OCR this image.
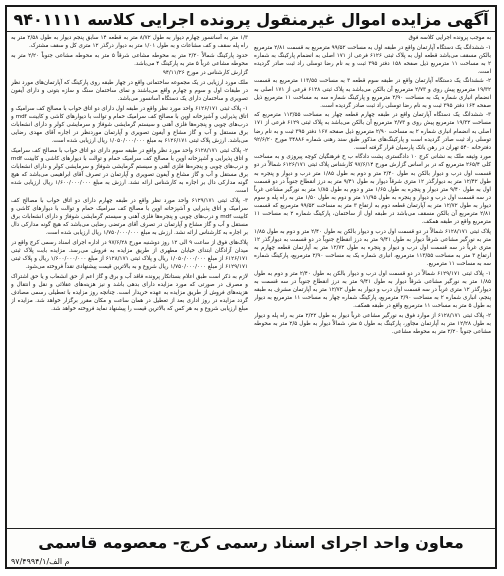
آگهی مزایده اموال غیرمنقول پرونده اجرایی کلاسه ۹۴۰۱۱۱۱

به موجب پرونده اجرایی کلاسه فوق

۱- ششدانگ یک دستگاه آپارتمان واقع در طبقه اول به مساحت ۹۹/۵۲ مترمربع به قسمت ۲/۸۱ مترمربع بالکن مسقف می‌باشد قطعه اول به پلاک ثبتی ۶۱۲۶ فرعی از ۱۷۱ اصلی به انضمام پارکینگ به شماره ۲ به مساحت ۱۱ مترمربع ذیل صفحه ۱۵۸ دفتر ۳۹۵ ثبت و به نام رضا توسلی راد ثبت صادر گردیده است.

۲- ششدانگ یک دستگاه آپارتمان واقع در طبقه سوم قطعه ۳ به مساحت ۱۱۳/۵۵ مترمربع به قسمت ۱۹/۳۲ مترمربع پیش روی و ۲/۷۳ مترمربع آن بالکن می‌باشد به پلاک ثبتی ۶۱۲۸ فرعی از ۱۷۱ اصلی به انضمام انباری شماره یک به مساحت ۲/۹۰ مترمربع و پارکینگ شماره سه به مساحت ۱۱ مترمربع ذیل صفحه ۱۶۴ دفتر ۳۹۵ ثبت و به نام رضا توسلی راد ثبت صادر گردیده است.

۳- ششدانگ یک دستگاه آپارتمان واقع در طبقه چهارم قطعه چهار به مساحت ۱۱۳/۵۵ مترمربع که مساحت ۱۹/۳۲ مترمربع پیش روی و ۲/۷۳ مترمربع آن بالکن می‌باشد به پلاک ثبتی ۶۱۲۹ فرعی از ۱۷۱ اصلی به انضمام انباری شماره ۲ به مساحت ۲/۹۰ مترمربع ذیل صفحه ۱۶۷ دفتر ۳۹۵ ثبت و به نام رضا توسلی راد ثبت صادر گردیده است و پارکینگ‌های مذکور طبق سند رهنی شماره ۳۴۸۸۶ مورخ ۹۲/۶/۲۰ دفترخانه ۵۴۰ تهران در رهن بانک پارسیان قرار گرفته است.

مورد وثیقه ملک به نشانی کرج ۱۰ دادگستری پشت دادگاه ب خ فرهنگیان کوچه پیروزی و به مساحت کلی ۲۶۵/۴ مترمربع که در بر اساس گزارش مورخ ۹۷/۶/۱۴ کارشناس پلاک ثبتی ۶۱۲۶/۱۷۱ شمالاً در دو قسمت اول درب و دیوار بالکن به طول ۲/۴۰ متر و دوم به طول ۱/۸۵ متر درب و دیوار و پنجره به طول ۱۲/۴۲ متر به دیوارگذر ۱۲ متری شرقاً دیوار به طول ۹/۴۱ متر به درز انقطاع جنوباً در دو قسمت اول به طول ۹/۴۰ متر دیوار و پنجره به طول ۱/۶۵ متر و دوم به طول ۱/۸۵ متر به نورگیر مشاعی غرباً در سه قسمت اول درب و دیوار و پنجره به طول ۱۱/۹۵ متر و دوم به طول ۱/۵۰ متر به راه پله و سوم دیوار به طول ۱۲/۷۲ متر به آپارتمان قطعه دوم به ارتفاع ۳ متر به مساحت ۹۹/۵۲ مترمربع که قسمت ۲/۸۱ مترمربع آن بالکن مسقف می‌باشد در طبقه اول از ساختمان، پارکینگ شماره ۲ به مساحت ۱۱ مترمربع واقع در طبقه همکف.

پلاک ثبتی ۶۱۲۸/۱۷۱ شمالاً در دو قسمت اول درب و دیوار بالکن به طول ۲/۴۰ متر و دوم به طول ۱/۸۵ متر به نورگیر مشاعی شرقاً دیوار به طول ۹/۴۱ متر به درز انقطاع جنوباً در دو قسمت به دیوارگذر ۱۲ متری غرباً در سه قسمت اول درب و دیوار و پنجره به طول ۱۲/۷۲ متر به آپارتمان قطعه چهارم به ارتفاع ۳ متر به مساحت ۱۱۳/۵۵ مترمربع، انباری شماره یک به مساحت ۲/۹۰ مترمربع، پارکینگ شماره سه به مساحت ۱۱ مترمربع.

۱- پلاک ثبتی ۶۱۲۹/۱۷۱ شمالاً در دو قسمت اول درب و دیوار بالکن به طول ۲/۴۰ متر و دوم به طول ۱/۸۵ متر به نورگیر مشاعی شرقاً دیوار به طول ۹/۴۱ متر به درز انقطاع جنوباً در سه قسمت به دیوارگذر ۱۲ متری غرباً در سه قسمت اول درب و دیوار به طول ۱۲/۷۲ متر به آپارتمان مشرف به طبقه پنجم، انباری شماره ۲ به مساحت ۲/۹۰ مترمربع، پارکینگ شماره چهار به مساحت ۱۱ مترمربع به دیوار به طول ۵ متر به مساحت ۱۱ مترمربع واقع در طبقه همکف.

۲- پلاک ثبتی ۶۱۲۸/۱۷۱ از موارد فوق به نورگیر مشاعی غرباً دیوار به طول ۲/۲۲ متر به راه پله و دیوار به طول ۱۲/۲۸ متر به آپارتمان مجاور، پارکینگ به طول ۵ متر، شمالاً دیوار به طول ۲/۵ متر به محوطه مشاعی جنوباً ۲/۲۰ متر به محوطه مشاعی.

۱/۳ متر به آسانسور چهارم دیوار به طول ۸/۷۲ متر به قطعه ۱۴ سابق پنجم دیوار به طول ۲/۵۸ متر به راه پله سقف و کف مشاعات و به طول ۱/۰۱ متر به دیوار درگذر ۱۲ متری کل و سقف مشترک.

حدود پارکینگ شمالاً ۲/۲۰ متر به محوطه مشاعی شرقاً ۵ متر به محوطه مشاعی جنوباً ۲/۲۰ متر به محوطه مشاعی غرباً ۵ متر به پارکینگ ۴ می‌باشد.

گزارش کارشناس در مورخ ۹۴/۱۱/۲۶

ملک مورد ارزیابی در یک مجموعه ساختمانی واقع در چهار طبقه روی پارکینگ که آپارتمان‌های مورد نظر در طبقات اول و سوم و چهارم واقع می‌باشند و نمای ساختمان سنگ و سازه بتونی و دارای آیفون تصویری و ساختمان دارای یک دستگاه آسانسور می‌باشد.

۱- پلاک ثبتی ۶۱۲۶/۱۷۱ واحد مورد نظر واقع در طبقه اول دارای دو اتاق خواب با مصالح کف سرامیک و اتاق پذیرایی و آشپزخانه اوپن با مصالح کف سرامیک حمام و توالت با دیوارهای کاشی و کابینت mdf و درب‌های چوبی و پنجره‌ها فلزی آهنی و سیستم گرمایشی شوفاژ و سرمایشی کولر و دارای انشعابات برق مستقل و آب و گاز مشاع و آیفون تصویری و آپارتمان موردنظر در اجاره آقای مهدی رضایی می‌باشد. ارزش پلاک ثبتی ۶۱۲۶/۱۷۱ به مبلغ ۱/۰۵۰/۰۰۰/۰۰۰ ریال ارزیابی شده است.

۲- پلاک ثبتی ۶۱۲۸/۱۷۱ واحد مورد نظر واقع در طبقه سوم دارای دو اتاق خواب با مصالح کف سرامیک و اتاق پذیرایی و آشپزخانه اوپن با مصالح کف سرامیک حمام و توالت با دیوارهای کاشی و کابینت mdf و درب‌های چوبی و پنجره‌ها فلزی آهنی و سیستم گرمایشی شوفاژ و سرمایشی کولر و دارای انشعابات برق مستقل و آب و گاز مشاع و آیفون تصویری و آپارتمان در تصرف آقای ابراهیمی می‌باشد که هیچ گونه مدارکی دال بر اجاره به کارشناس ارائه نشد. ارزش به مبلغ ۱/۶۰۰/۰۰۰/۰۰۰ ریال ارزیابی شده است.

۳- پلاک ثبتی ۶۱۲۹/۱۷۱ واحد مورد نظر واقع در طبقه چهارم دارای دو اتاق خواب با مصالح کف سرامیک و اتاق پذیرایی و آشپزخانه اوپن با مصالح کف سرامیک حمام و توالت با دیوارهای کاشی و کابینت mdf و درب‌های چوبی و پنجره‌ها فلزی آهنی و سیستم گرمایشی شوفاژ و دارای انشعابات برق مستقل و آب و گاز مشاع و آپارتمان در تصرف آقای مرتضی رضایی می‌باشد که هیچ گونه مدارکی دال بر اجاره به کارشناس ارائه نشد. ارزش به مبلغ ۱/۷۵۰/۰۰۰/۰۰۰ ریال ارزیابی شده است.

پلاک‌های فوق از ساعت ۹ الی ۱۲ روز دوشنبه مورخ ۹۷/۶/۲۸ در اداره اجرای اسناد رسمی کرج واقع در میدان آزادگان ابتدای خیابان مطهری از طریق مزایده به فروش می‌رسد. مزایده بابت پلاک ثبتی ۶۱۲۶/۱۷۱ از مبلغ ۱/۰۵۰/۰۰۰/۰۰۰ ریال و پلاک ثبتی ۶۱۲۸/۱۷۱ از مبلغ ۱/۶۰۰/۰۰۰/۰۰۰ ریال و پلاک ثبتی ۶۱۲۹/۱۷۱ از مبلغ ۱/۷۵۰/۰۰۰/۰۰۰ ریال شروع و به بالاترین قیمت پیشنهادی نقداً فروخته می‌شود.

لازم به ذکر است طبق اعلام بستانکار پرونده فاقد آب و برق و گاز اعم از حق انشعاب و یا حق اشتراک و مصرف در صورتی که مورد مزایده دارای بدهی باشد و نیز هزینه‌های عقلائی و نقل و انتقال و هزینه‌های فروش از طریق مزایده به عهده خریدار است. چنانچه روز مزایده با تعطیلی رسمی مصادف گردد مزایده در روز اداری بعد از تعطیل در همان ساعت و مکان مقرر برگزار خواهد شد. مزایده از مبلغ ارزیابی شروع و به هر کس که بالاترین قیمت را پیشنهاد نماید فروخته خواهد شد.

معاون واحد اجرای اسناد رسمی کرج- معصومه قاسمی
م الف/۹۷/۴۹۹۴/۱
